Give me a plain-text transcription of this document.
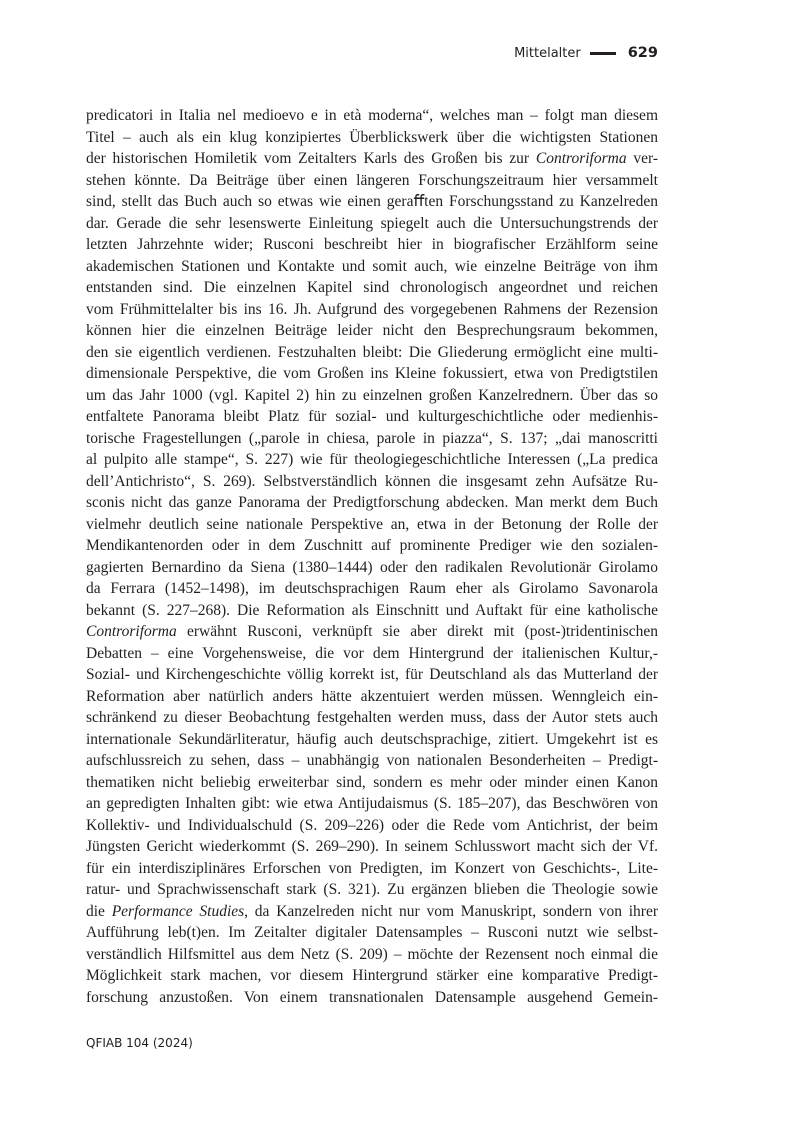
Mittelalter	629
predicatori in Italia nel medioevo e in età moderna“, welches man – folgt man diesem
Titel – auch als ein klug konzipiertes Überblickswerk über die wichtigsten Stationen
der historischen Homiletik vom Zeitalters Karls des Großen bis zur Controriforma ver-
stehen könnte. Da Beiträge über einen längeren Forschungszeitraum hier versammelt
sind, stellt das Buch auch so etwas wie einen geraﬀten Forschungsstand zu Kanzelreden
dar. Gerade die sehr lesenswerte Einleitung spiegelt auch die Untersuchungstrends der
letzten Jahrzehnte wider; Rusconi beschreibt hier in biografischer Erzählform seine
akademischen Stationen und Kontakte und somit auch, wie einzelne Beiträge von ihm
entstanden sind. Die einzelnen Kapitel sind chronologisch angeordnet und reichen
vom Frühmittelalter bis ins 16. Jh. Aufgrund des vorgegebenen Rahmens der Rezension
können hier die einzelnen Beiträge leider nicht den Besprechungsraum bekommen,
den sie eigentlich verdienen. Festzuhalten bleibt: Die Gliederung ermöglicht eine multi-
dimensionale Perspektive, die vom Großen ins Kleine fokussiert, etwa von Predigtstilen
um das Jahr 1000 (vgl. Kapitel 2) hin zu einzelnen großen Kanzelrednern. Über das so
entfaltete Panorama bleibt Platz für sozial- und kulturgeschichtliche oder medienhis-
torische Fragestellungen („parole in chiesa, parole in piazza“, S. 137; „dai manoscritti
al pulpito alle stampe“, S. 227) wie für theologiegeschichtliche Interessen („La predica
dell’Antichristo“, S. 269). Selbstverständlich können die insgesamt zehn Aufsätze Ru-
sconis nicht das ganze Panorama der Predigtforschung abdecken. Man merkt dem Buch
vielmehr deutlich seine nationale Perspektive an, etwa in der Betonung der Rolle der
Mendikantenorden oder in dem Zuschnitt auf prominente Prediger wie den sozialen-
gagierten Bernardino da Siena (1380–1444) oder den radikalen Revolutionär Girolamo
da Ferrara (1452–1498), im deutschsprachigen Raum eher als Girolamo Savonarola
bekannt (S. 227–268). Die Reformation als Einschnitt und Auftakt für eine katholische
Controriforma erwähnt Rusconi, verknüpft sie aber direkt mit (post-)tridentinischen
Debatten – eine Vorgehensweise, die vor dem Hintergrund der italienischen Kultur,-
Sozial- und Kirchengeschichte völlig korrekt ist, für Deutschland als das Mutterland der
Reformation aber natürlich anders hätte akzentuiert werden müssen. Wenngleich ein-
schränkend zu dieser Beobachtung festgehalten werden muss, dass der Autor stets auch
internationale Sekundärliteratur, häufig auch deutschsprachige, zitiert. Umgekehrt ist es
aufschlussreich zu sehen, dass – unabhängig von nationalen Besonderheiten – Predigt-
thematiken nicht beliebig erweiterbar sind, sondern es mehr oder minder einen Kanon
an gepredigten Inhalten gibt: wie etwa Antijudaismus (S. 185–207), das Beschwören von
Kollektiv- und Individualschuld (S. 209–226) oder die Rede vom Antichrist, der beim
Jüngsten Gericht wiederkommt (S. 269–290). In seinem Schlusswort macht sich der Vf.
für ein interdisziplinäres Erforschen von Predigten, im Konzert von Geschichts-, Lite-
ratur- und Sprachwissenschaft stark (S. 321). Zu ergänzen blieben die Theologie sowie
die Performance Studies, da Kanzelreden nicht nur vom Manuskript, sondern von ihrer
Aufführung leb(t)en. Im Zeitalter digitaler Datensamples – Rusconi nutzt wie selbst-
verständlich Hilfsmittel aus dem Netz (S. 209) – möchte der Rezensent noch einmal die
Möglichkeit stark machen, vor diesem Hintergrund stärker eine komparative Predigt-
forschung anzustoßen. Von einem transnationalen Datensample ausgehend Gemein-
QFIAB 104 (2024)
